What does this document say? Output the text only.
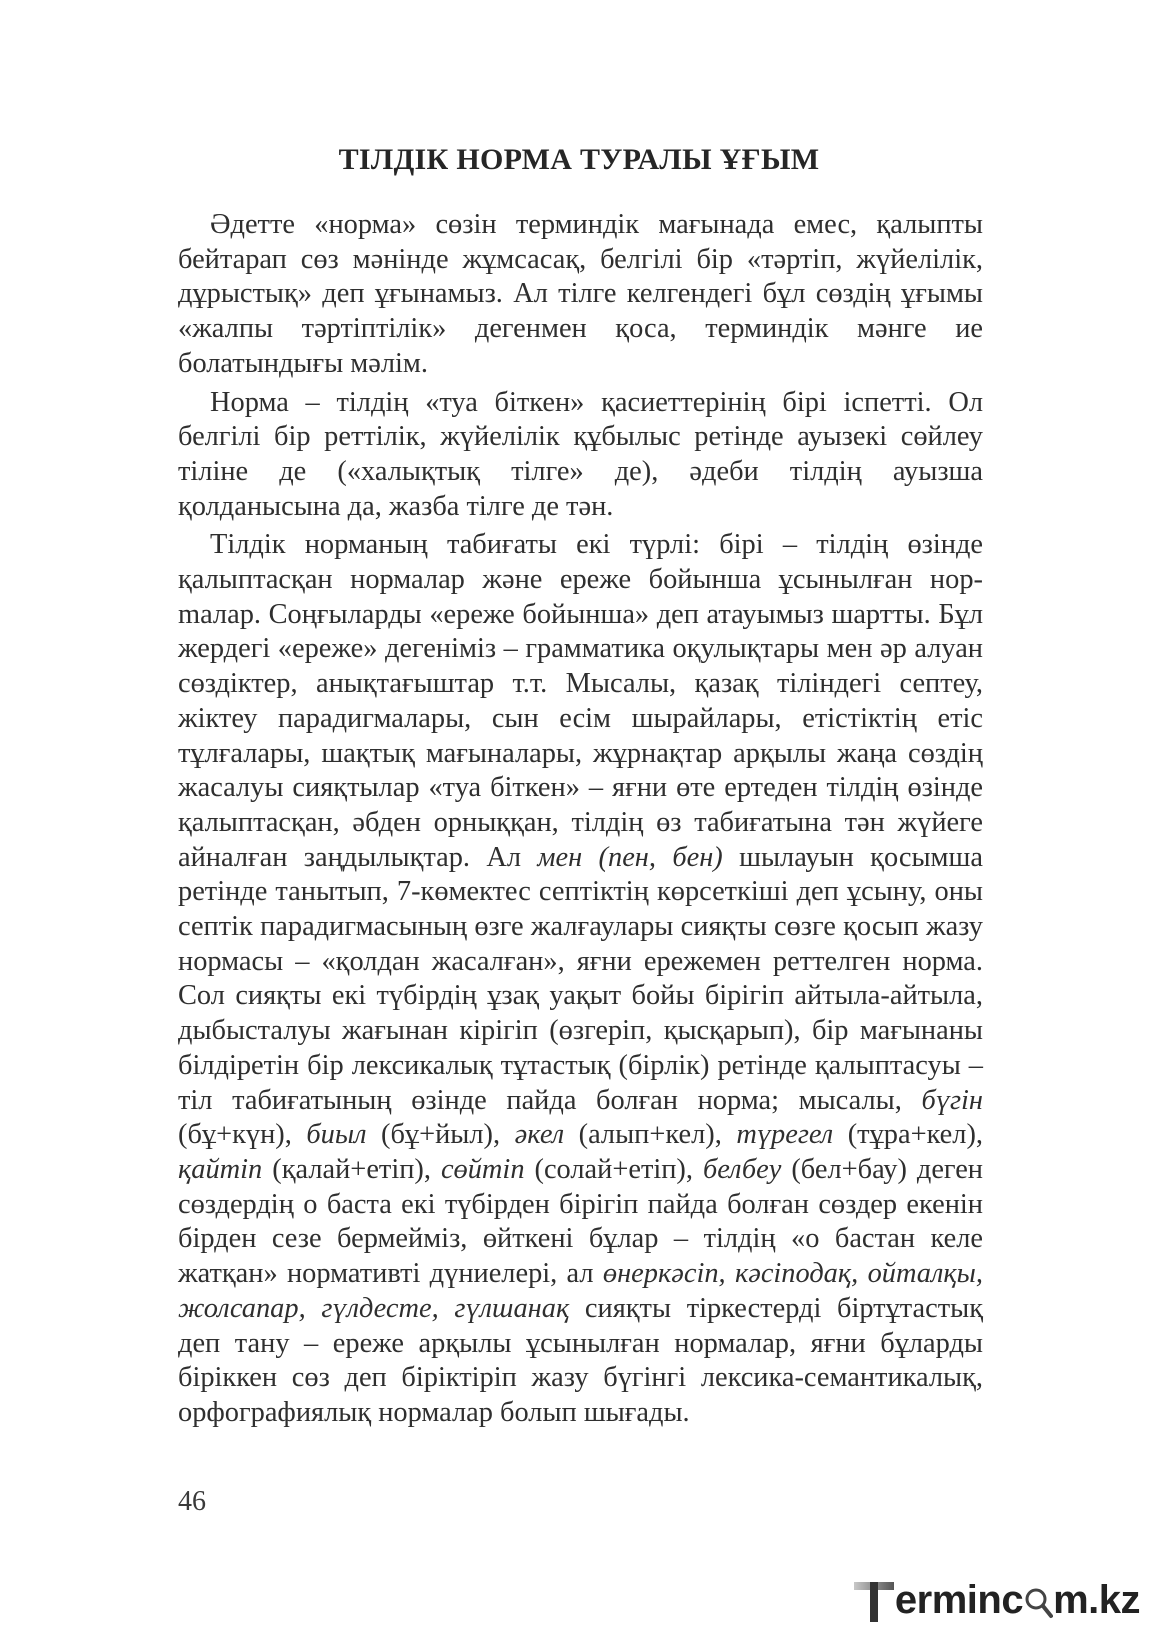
ТІЛДІК НОРМА ТУРАЛЫ ҰҒЫМ

Әдетте «норма» сөзін терминдік мағынада емес, қалыпты бейтарап сөз мәнінде жұмсасақ, белгілі бір «тәртіп, жүйелілік, дұрыстық» деп ұғынамыз. Ал тілге келгендегі бұл сөздің ұғымы «жалпы тәртіптілік» дегенмен қоса, терминдік мәнге ие болатындығы мәлім.

Норма – тілдің «туа біткен» қасиеттерінің бірі іспетті. Ол белгілі бір реттілік, жүйелілік құбылыс ретінде ауызекі сөйлеу тіліне де («халықтық тілге» де), әдеби тілдің ауызша қолданысына да, жазба тілге де тән.

Тілдік норманың табиғаты екі түрлі: бірі – тілдің өзінде қалыптасқан нормалар және ереже бойынша ұсынылған норmалар. Соңғыларды «ереже бойынша» деп атауымыз шартты. Бұл жердегі «ереже» дегеніміз – грамматика оқулықтары мен әр алуан сөздіктер, анықтағыштар т.т. Мысалы, қазақ тіліндегі септеу, жіктеу парадигмалары, сын есім шырайлары, етістіктің етіс тұлғалары, шақтық мағыналары, жұрнақтар арқылы жаңа сөздің жасалуы сияқтылар «туа біткен» – яғни өте ертеден тілдің өзінде қалыптасқан, әбден орныққан, тілдің өз табиғатына тән жүйеге айналған заңдылықтар. Ал мен (пен, бен) шылауын қосымша ретінде танытып, 7-көмектес септіктің көрсеткіші деп ұсыну, оны септік парадигмасының өзге жалғаулары сияқты сөзге қосып жазу нормасы – «қолдан жасалған», яғни ережемен реттелген норма. Сол сияқты екі түбірдің ұзақ уақыт бойы бірігіп айтыла-айтыла, дыбысталуы жағынан кірігіп (өзгеріп, қысқарып), бір мағынаны білдіретін бір лексикалық тұтастық (бірлік) ретінде қалыптасуы – тіл табиғатының өзінде пайда болған норма; мысалы, бүгін (бұ+күн), биыл (бұ+йыл), әкел (алып+кел), түрегел (тұра+кел), қайтіп (қалай+етіп), сөйтіп (солай+етіп), белбеу (бел+бау) деген сөздердің о баста екі түбірден бірігіп пайда болған сөздер екенін бірден сезе бермейміз, өйткені бұлар – тілдің «о бастан келе жатқан» нормативті дүниелері, ал өнеркәсіп, кәсіподақ, ойталқы, жолсапар, гүлдесте, гүлшанақ сияқты тіркестерді біртұтастық деп тану – ереже арқылы ұсынылған нормалар, яғни бұларды біріккен сөз деп біріктіріп жазу бүгінгі лексика-семантикалық, орфографиялық нормалар болып шығады.

46
erminc m.kz
